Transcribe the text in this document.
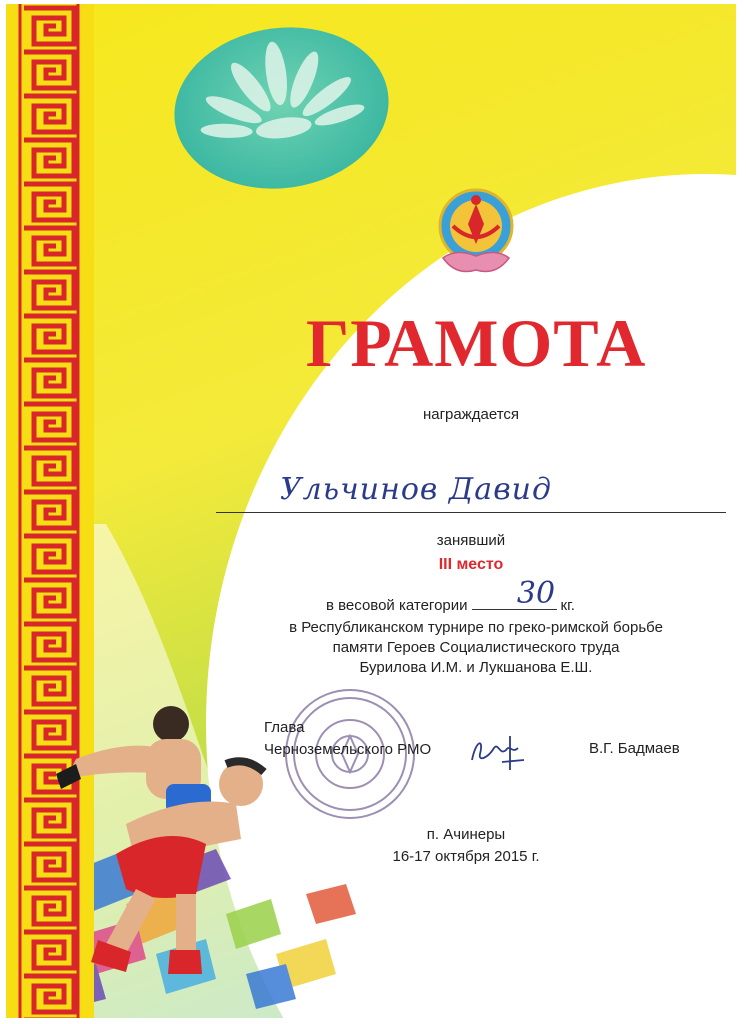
ГРАМОТА
награждается
Ульчинов Давид
занявший
III место
в весовой категории	кг.
30
в Республиканском турнире по греко-римской борьбе
памяти Героев Социалистического труда
Бурилова И.М. и Лукшанова Е.Ш.
Глава
Черноземельского РМО	В.Г. Бадмаев
п. Ачинеры
16-17 октября 2015 г.
